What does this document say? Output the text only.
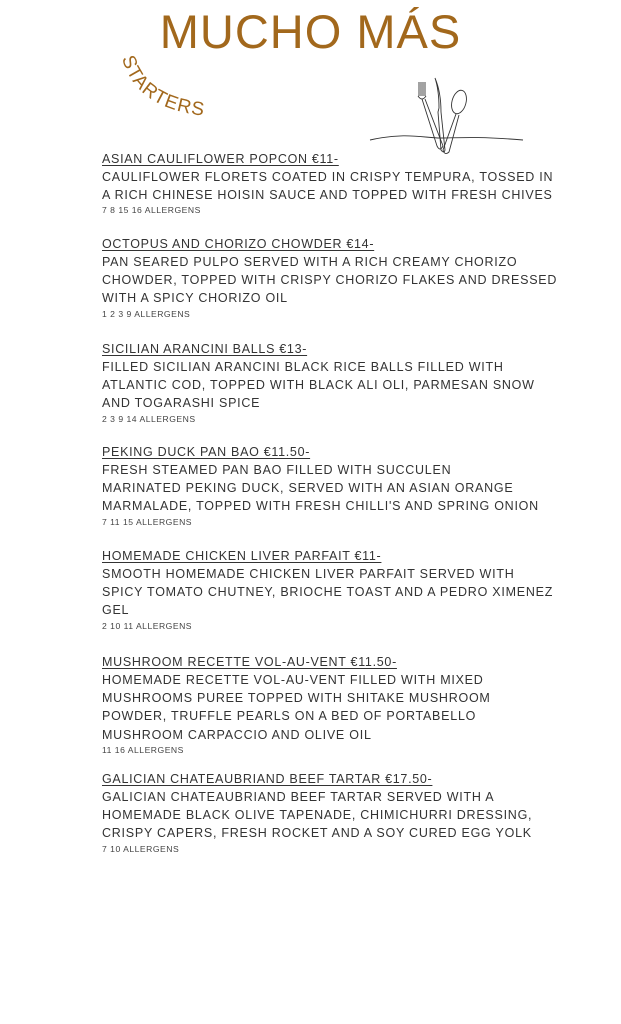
MUCHO MÁS
STARTERS
ASIAN CAULIFLOWER POPCON €11-
CAULIFLOWER FLORETS COATED IN CRISPY TEMPURA, TOSSED IN
A RICH CHINESE HOISIN SAUCE AND TOPPED WITH FRESH CHIVES
7 8 15 16 ALLERGENS
OCTOPUS AND CHORIZO CHOWDER €14-
PAN SEARED PULPO SERVED WITH A RICH CREAMY CHORIZO
CHOWDER, TOPPED WITH CRISPY CHORIZO FLAKES AND DRESSED
WITH A SPICY CHORIZO OIL
1 2 3 9 ALLERGENS
SICILIAN ARANCINI BALLS €13-
FILLED SICILIAN ARANCINI BLACK RICE BALLS FILLED WITH
ATLANTIC COD, TOPPED WITH BLACK ALI OLI, PARMESAN SNOW
AND TOGARASHI SPICE
2 3 9 14 ALLERGENS
PEKING DUCK PAN BAO €11.50-
FRESH STEAMED PAN BAO FILLED WITH SUCCULEN
MARINATED PEKING DUCK, SERVED WITH AN ASIAN ORANGE
MARMALADE, TOPPED WITH FRESH CHILLI'S AND SPRING ONION
7 11 15 ALLERGENS
HOMEMADE CHICKEN LIVER PARFAIT €11-
SMOOTH HOMEMADE CHICKEN LIVER PARFAIT SERVED WITH
SPICY TOMATO CHUTNEY, BRIOCHE TOAST AND A PEDRO XIMENEZ
GEL
2 10 11 ALLERGENS
MUSHROOM RECETTE VOL-AU-VENT €11.50-
HOMEMADE RECETTE VOL-AU-VENT FILLED WITH MIXED
MUSHROOMS PUREE TOPPED WITH SHITAKE MUSHROOM
POWDER, TRUFFLE PEARLS ON A BED OF PORTABELLO
MUSHROOM CARPACCIO AND OLIVE OIL
11 16 ALLERGENS
GALICIAN CHATEAUBRIAND BEEF TARTAR €17.50-
GALICIAN CHATEAUBRIAND BEEF TARTAR SERVED WITH A
HOMEMADE BLACK OLIVE TAPENADE, CHIMICHURRI DRESSING,
CRISPY CAPERS, FRESH ROCKET AND A SOY CURED EGG YOLK
7 10 ALLERGENS
